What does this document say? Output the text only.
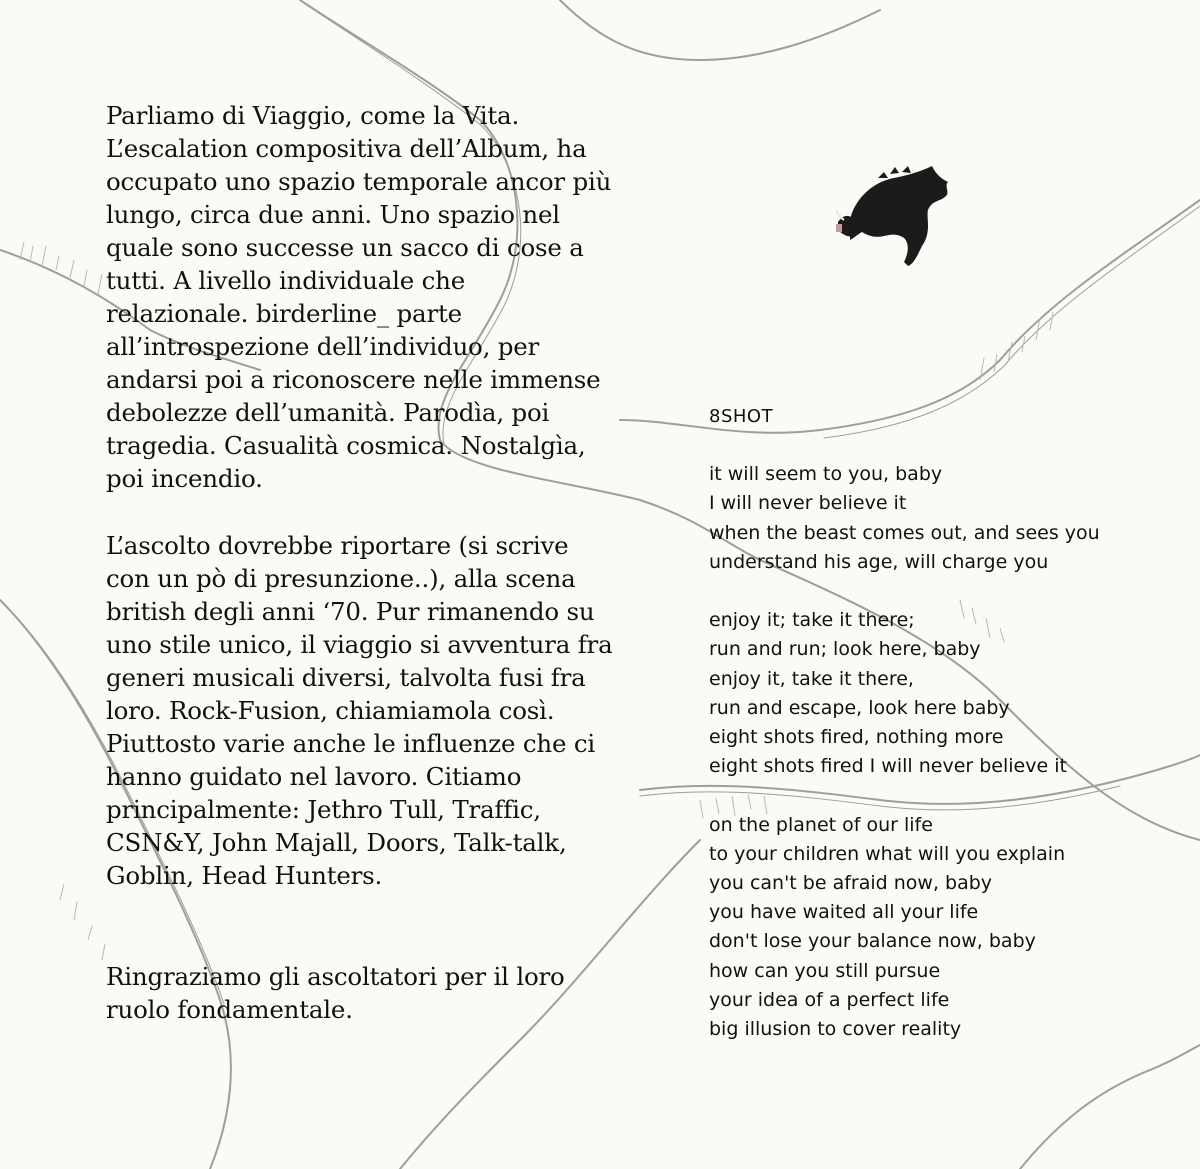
Parliamo di Viaggio, come la Vita.
L’escalation compositiva dell’Album, ha
occupato uno spazio temporale ancor più
lungo, circa due anni. Uno spazio nel
quale sono successe un sacco di cose a
tutti. A livello individuale che
relazionale. birderline_ parte
all’introspezione dell’individuo, per
andarsi poi a riconoscere nelle immense
debolezze dell’umanità. Parodìa, poi
tragedia. Casualità cosmica. Nostalgìa,
poi incendio.

L’ascolto dovrebbe riportare (si scrive
con un pò di presunzione..), alla scena
british degli anni ‘70. Pur rimanendo su
uno stile unico, il viaggio si avventura fra
generi musicali diversi, talvolta fusi fra
loro. Rock-Fusion, chiamiamola così.
Piuttosto varie anche le influenze che ci
hanno guidato nel lavoro. Citiamo
principalmente: Jethro Tull, Traffic,
CSN&Y, John Majall, Doors, Talk-talk,
Goblin, Head Hunters.

Ringraziamo gli ascoltatori per il loro
ruolo fondamentale.

8SHOT
it will seem to you, baby
I will never believe it
when the beast comes out, and sees you
understand his age, will charge you
enjoy it; take it there;
run and run; look here, baby
enjoy it, take it there,
run and escape, look here baby
eight shots fired, nothing more
eight shots fired I will never believe it
on the planet of our life
to your children what will you explain
you can't be afraid now, baby
you have waited all your life
don't lose your balance now, baby
how can you still pursue
your idea of a perfect life
big illusion to cover reality
